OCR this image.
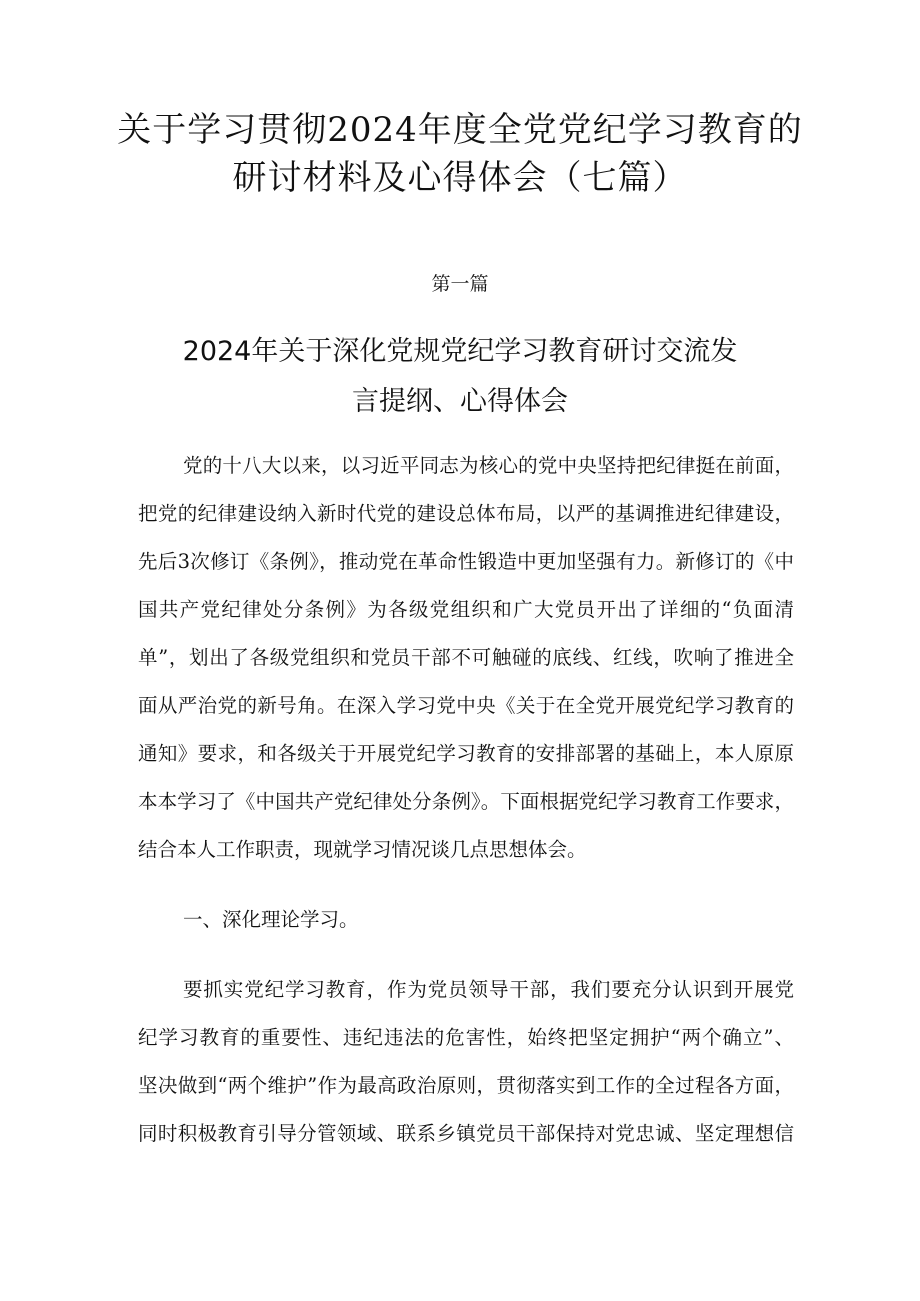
关于学习贯彻2024年度全党党纪学习教育的
研讨材料及心得体会（七篇）
第一篇
2024年关于深化党规党纪学习教育研讨交流发
言提纲、心得体会
党的十八大以来，以习近平同志为核心的党中央坚持把纪律挺在前面，
把党的纪律建设纳入新时代党的建设总体布局，以严的基调推进纪律建设，
先后3次修订《条例》，推动党在革命性锻造中更加坚强有力。新修订的《中
国共产党纪律处分条例》为各级党组织和广大党员开出了详细的“负面清
单”，划出了各级党组织和党员干部不可触碰的底线、红线，吹响了推进全
面从严治党的新号角。在深入学习党中央《关于在全党开展党纪学习教育的
通知》要求，和各级关于开展党纪学习教育的安排部署的基础上，本人原原
本本学习了《中国共产党纪律处分条例》。下面根据党纪学习教育工作要求，
结合本人工作职责，现就学习情况谈几点思想体会。
一、深化理论学习。
要抓实党纪学习教育，作为党员领导干部，我们要充分认识到开展党
纪学习教育的重要性、违纪违法的危害性，始终把坚定拥护“两个确立”、
坚决做到“两个维护”作为最高政治原则，贯彻落实到工作的全过程各方面，
同时积极教育引导分管领域、联系乡镇党员干部保持对党忠诚、坚定理想信
